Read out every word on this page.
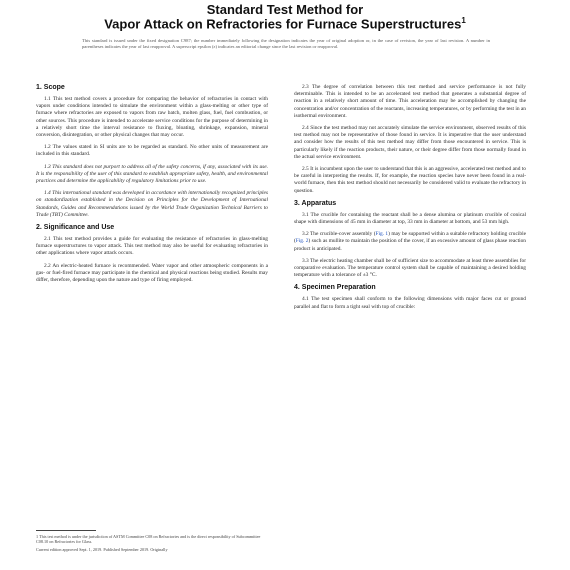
Standard Test Method for
Vapor Attack on Refractories for Furnace Superstructures$^1$
This standard is issued under the fixed designation C987; the number immediately following the designation indicates the year of original adoption or, in the case of revision, the year of last revision. A number in parentheses indicates the year of last reapproval. A superscript epsilon (ε) indicates an editorial change since the last revision or reapproval.
1. Scope

1.1 This test method covers a procedure for comparing the behavior of refractories in contact with vapors under conditions intended to simulate the environment within a glass-melting or other type of furnace where refractories are exposed to vapors from raw batch, molten glass, fuel, fuel combustion, or other sources. This procedure is intended to accelerate service conditions for the purpose of determining in a relatively short time the interval resistance to fluxing, bloating, shrinkage, expansion, mineral conversion, disintegration, or other physical changes that may occur.

1.2 The values stated in SI units are to be regarded as standard. No other units of measurement are included in this standard.

1.3 This standard does not purport to address all of the safety concerns, if any, associated with its use. It is the responsibility of the user of this standard to establish appropriate safety, health, and environmental practices and determine the applicability of regulatory limitations prior to use.

1.4 This international standard was developed in accordance with internationally recognized principles on standardization established in the Decision on Principles for the Development of International Standards, Guides and Recommendations issued by the World Trade Organization Technical Barriers to Trade (TBT) Committee.

2. Significance and Use

2.1 This test method provides a guide for evaluating the resistance of refractories in glass-melting furnace superstructures to vapor attack. This test method may also be useful for evaluating refractories in other applications where vapor attack occurs.

2.2 An electric-heated furnace is recommended. Water vapor and other atmospheric components in a gas- or fuel-fired furnace may participate in the chemical and physical reactions being studied. Results may differ, therefore, depending upon the nature and type of firing employed.

2.3 The degree of correlation between this test method and service performance is not fully determinable. This is intended to be an accelerated test method that generates a substantial degree of reaction in a relatively short amount of time. This acceleration may be accomplished by changing the concentration and/or concentration of the reactants, increasing temperatures, or by performing the test in an isothermal environment.

2.4 Since the test method may not accurately simulate the service environment, observed results of this test method may not be representative of those found in service. It is imperative that the user understand and consider how the results of this test method may differ from those encountered in service. This is particularly likely if the reaction products, their nature, or their degree differ from those normally found in the actual service environment.

2.5 It is incumbent upon the user to understand that this is an aggressive, accelerated test method and to be careful in interpreting the results. If, for example, the reaction species have never been found in a real-world furnace, then this test method should not necessarily be considered valid to evaluate the refractory in question.

3. Apparatus

3.1 The crucible for containing the reactant shall be a dense alumina or platinum crucible of conical shape with dimensions of 45 mm in diameter at top, 33 mm in diameter at bottom, and 53 mm high.

3.2 The crucible-cover assembly (Fig. 1) may be supported within a suitable refractory holding crucible (Fig. 2) such as mullite to maintain the position of the cover, if an excessive amount of glass phase reaction product is anticipated.

3.3 The electric heating chamber shall be of sufficient size to accommodate at least three assemblies for comparative evaluation. The temperature control system shall be capable of maintaining a desired holding temperature with a tolerance of ±3 °C.

4. Specimen Preparation

4.1 The test specimen shall conform to the following dimensions with major faces cut or ground parallel and flat to form a tight seal with top of crucible:

1 This test method is under the jurisdiction of ASTM Committee C08 on Refractories and is the direct responsibility of Subcommittee C08.10 on Refractories for Glass.

Current edition approved Sept. 1, 2019. Published September 2019. Originally
